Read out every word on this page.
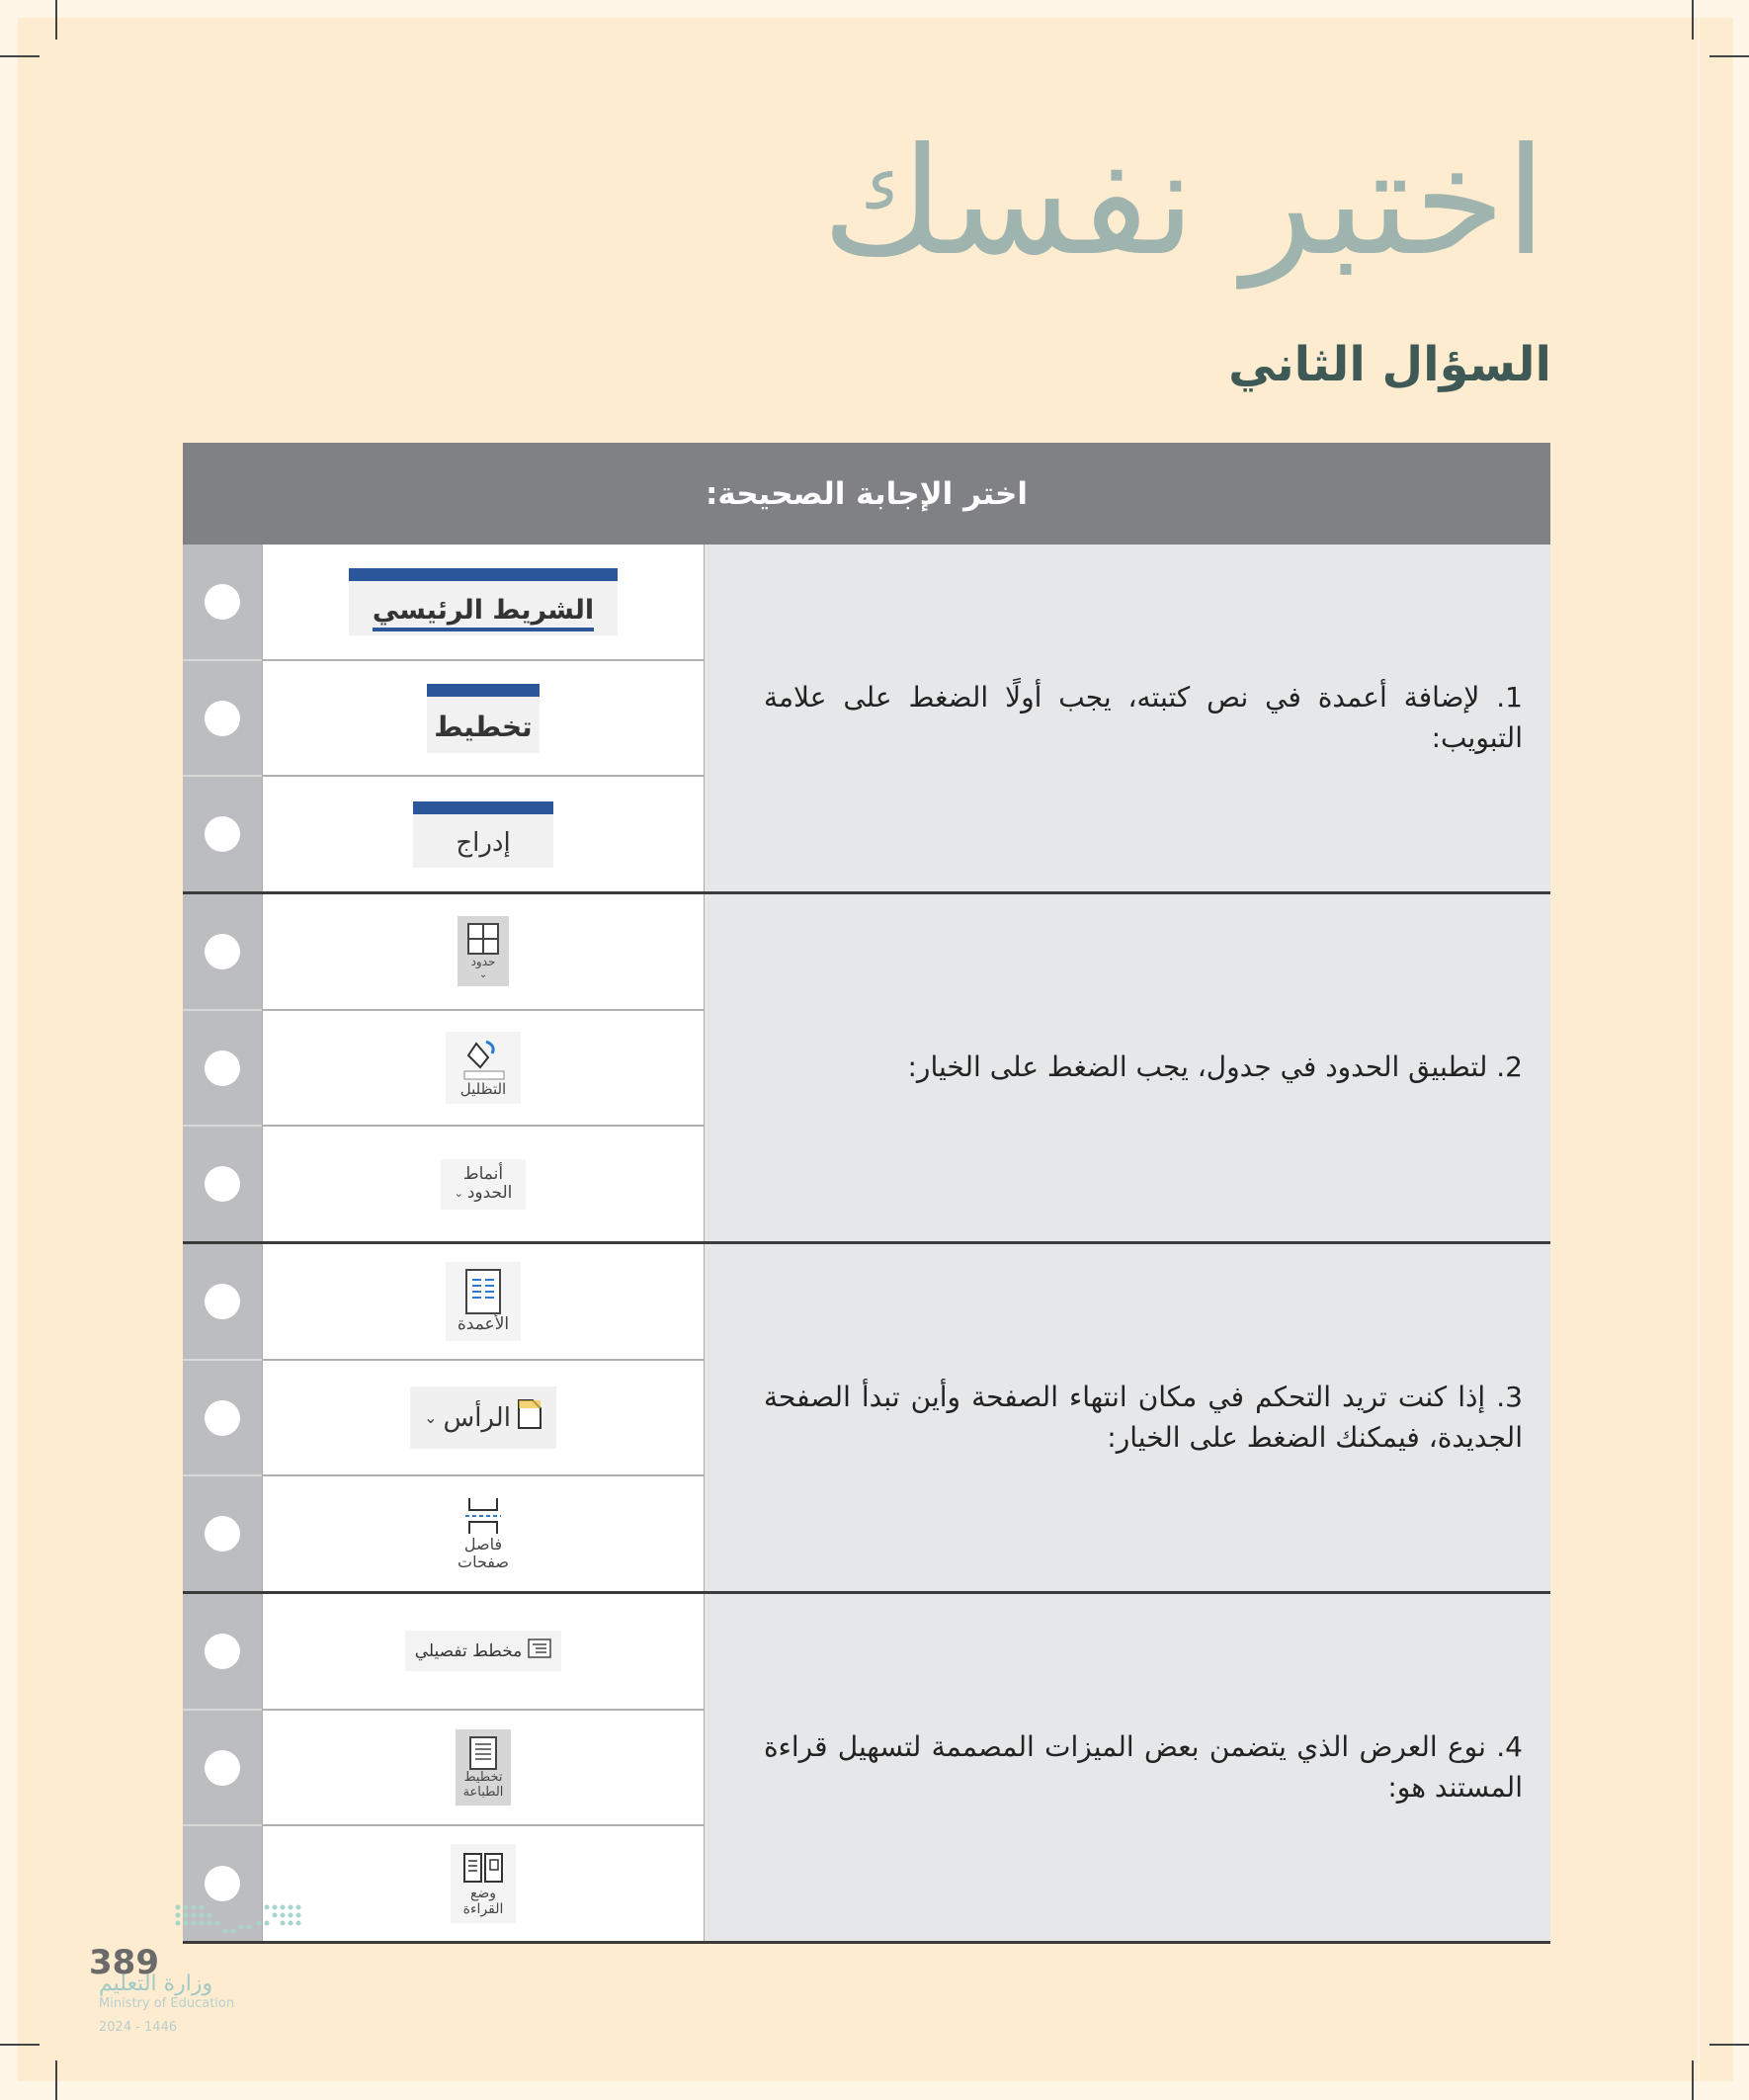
اختبر نفسك
السؤال الثاني
اختر الإجابة الصحيحة:
الشريط الرئيسي
تخطيط
إدراج
1. لإضافة أعمدة في نص كتبته، يجب أولًا الضغط على علامة التبويب:
حدود
⌄
التظليل
أنماط
الحدود
⌄
2. لتطبيق الحدود في جدول، يجب الضغط على الخيار:
الأعمدة
الرأس
⌄
فاصل
صفحات
3. إذا كنت تريد التحكم في مكان انتهاء الصفحة وأين تبدأ الصفحة الجديدة، فيمكنك الضغط على الخيار:
مخطط تفصيلي
تخطيط
الطباعة
وضع
القراءة
4. نوع العرض الذي يتضمن بعض الميزات المصممة لتسهيل قراءة المستند هو:
389
وزارة التعليم
Ministry of Education
2024 - 1446
